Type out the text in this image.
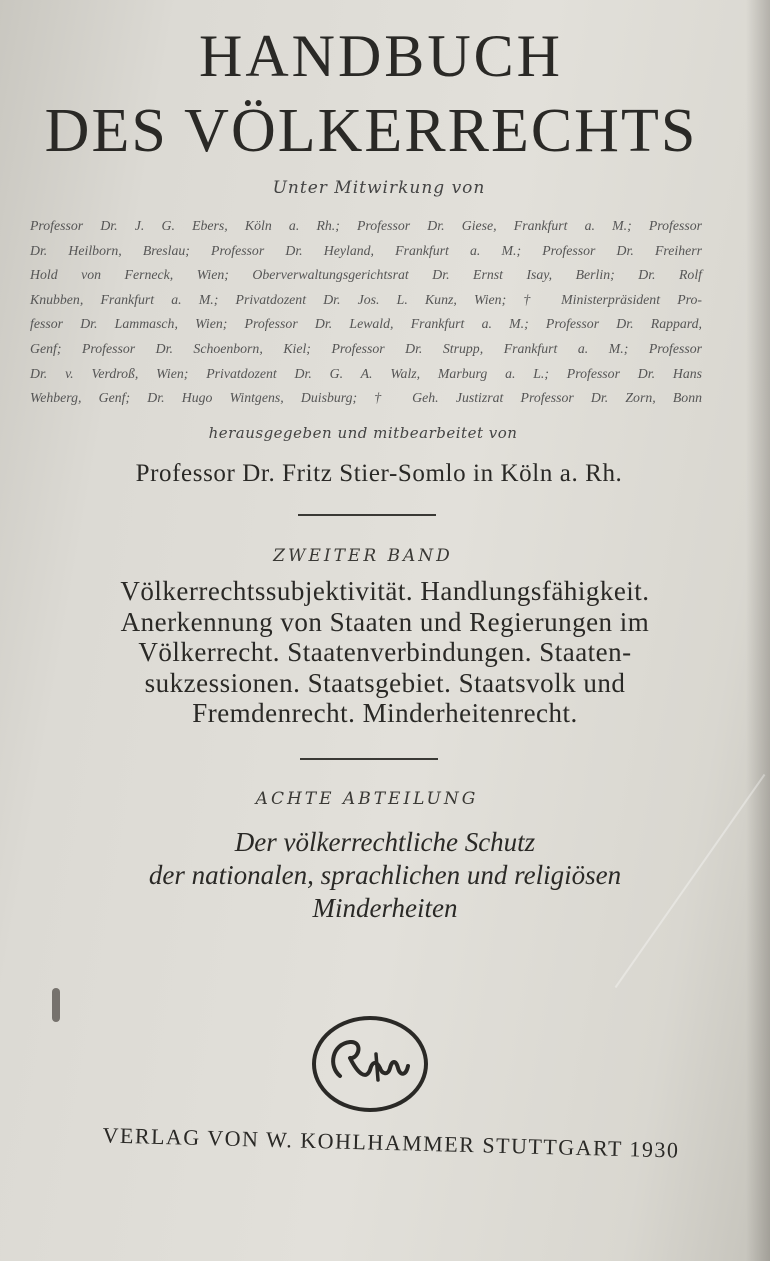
HANDBUCH
DES VÖLKERRECHTS
Unter Mitwirkung von
Professor Dr. J. G. Ebers, Köln a. Rh.; Professor Dr. Giese, Frankfurt a. M.; Professor
Dr. Heilborn, Breslau; Professor Dr. Heyland, Frankfurt a. M.; Professor Dr. Freiherr
Hold von Ferneck, Wien; Oberverwaltungsgerichtsrat Dr. Ernst Isay, Berlin; Dr. Rolf
Knubben, Frankfurt a. M.; Privatdozent Dr. Jos. L. Kunz, Wien; † Ministerpräsident Pro-
fessor Dr. Lammasch, Wien; Professor Dr. Lewald, Frankfurt a. M.; Professor Dr. Rappard,
Genf; Professor Dr. Schoenborn, Kiel; Professor Dr. Strupp, Frankfurt a. M.; Professor
Dr. v. Verdroß, Wien; Privatdozent Dr. G. A. Walz, Marburg a. L.; Professor Dr. Hans
Wehberg, Genf; Dr. Hugo Wintgens, Duisburg; † Geh. Justizrat Professor Dr. Zorn, Bonn
herausgegeben und mitbearbeitet von
Professor Dr. Fritz Stier-Somlo in Köln a. Rh.
ZWEITER BAND
Völkerrechtssubjektivität. Handlungsfähigkeit.
Anerkennung von Staaten und Regierungen im
Völkerrecht. Staatenverbindungen. Staaten-
sukzessionen. Staatsgebiet. Staatsvolk und
Fremdenrecht. Minderheitenrecht.
ACHTE ABTEILUNG
Der völkerrechtliche Schutz
der nationalen, sprachlichen und religiösen
Minderheiten
VERLAG VON W. KOHLHAMMER STUTTGART 1930
